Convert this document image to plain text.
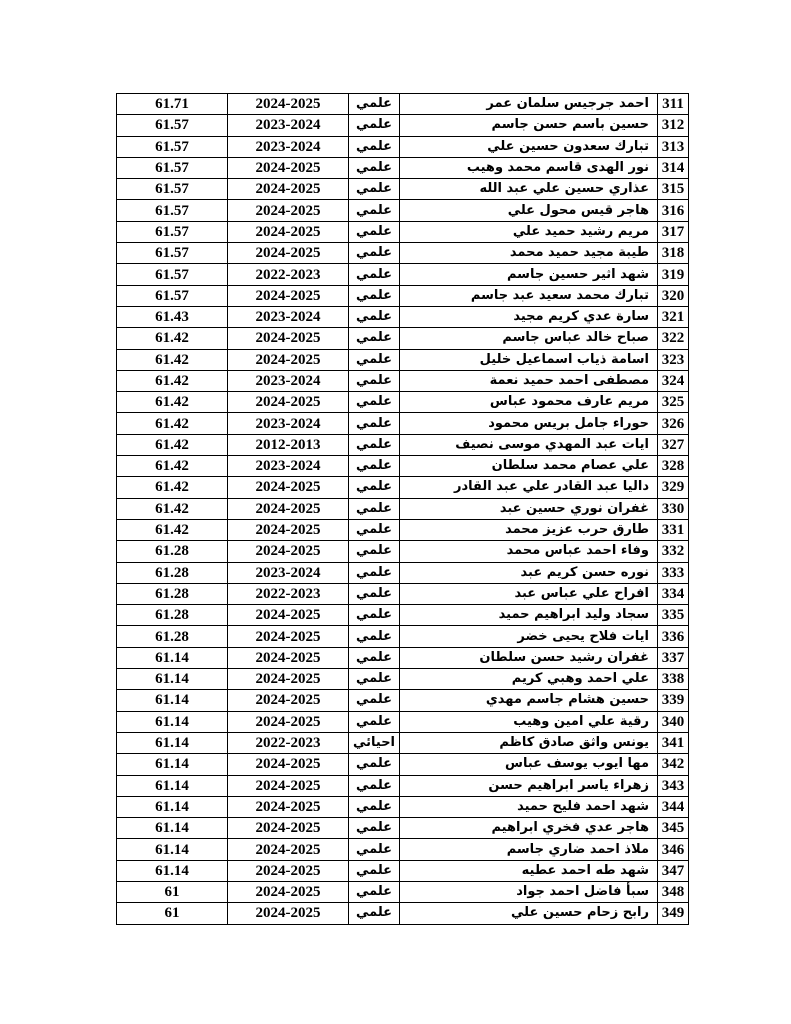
61.71	2024-2025	علمي	احمد جرجيس سلمان عمر	311
61.57	2023-2024	علمي	حسين باسم حسن جاسم	312
61.57	2023-2024	علمي	تبارك سعدون حسين علي	313
61.57	2024-2025	علمي	نور الهدى قاسم محمد وهيب	314
61.57	2024-2025	علمي	عذاري حسين علي عبد الله	315
61.57	2024-2025	علمي	هاجر قيس محول علي	316
61.57	2024-2025	علمي	مريم رشيد حميد علي	317
61.57	2024-2025	علمي	طيبة مجيد حميد محمد	318
61.57	2022-2023	علمي	شهد اثير حسين جاسم	319
61.57	2024-2025	علمي	تبارك محمد سعيد عبد جاسم	320
61.43	2023-2024	علمي	سارة عدي كريم مجيد	321
61.42	2024-2025	علمي	صباح خالد عباس جاسم	322
61.42	2024-2025	علمي	اسامة ذياب اسماعيل خليل	323
61.42	2023-2024	علمي	مصطفى احمد حميد نعمة	324
61.42	2024-2025	علمي	مريم عارف محمود عباس	325
61.42	2023-2024	علمي	حوراء جامل بريس محمود	326
61.42	2012-2013	علمي	ايات عبد المهدي موسى نصيف	327
61.42	2023-2024	علمي	علي عصام محمد سلطان	328
61.42	2024-2025	علمي	داليا عبد القادر علي عبد القادر	329
61.42	2024-2025	علمي	غفران نوري حسين عبد	330
61.42	2024-2025	علمي	طارق حرب عزيز محمد	331
61.28	2024-2025	علمي	وفاء احمد عباس محمد	332
61.28	2023-2024	علمي	نوره حسن كريم عبد	333
61.28	2022-2023	علمي	افراح علي عباس عبد	334
61.28	2024-2025	علمي	سجاد وليد ابراهيم حميد	335
61.28	2024-2025	علمي	ايات فلاح يحيى خضر	336
61.14	2024-2025	علمي	غفران رشيد حسن سلطان	337
61.14	2024-2025	علمي	علي احمد وهبي كريم	338
61.14	2024-2025	علمي	حسين هشام جاسم مهدي	339
61.14	2024-2025	علمي	رقية علي امين وهيب	340
61.14	2022-2023	احيائي	يونس واثق صادق كاظم	341
61.14	2024-2025	علمي	مها ايوب يوسف عباس	342
61.14	2024-2025	علمي	زهراء ياسر ابراهيم حسن	343
61.14	2024-2025	علمي	شهد احمد فليح حميد	344
61.14	2024-2025	علمي	هاجر عدي فخري ابراهيم	345
61.14	2024-2025	علمي	ملاذ احمد ضاري جاسم	346
61.14	2024-2025	علمي	شهد طه احمد عطيه	347
61	2024-2025	علمي	سبأ فاضل احمد جواد	348
61	2024-2025	علمي	رابح زحام حسين علي	349
